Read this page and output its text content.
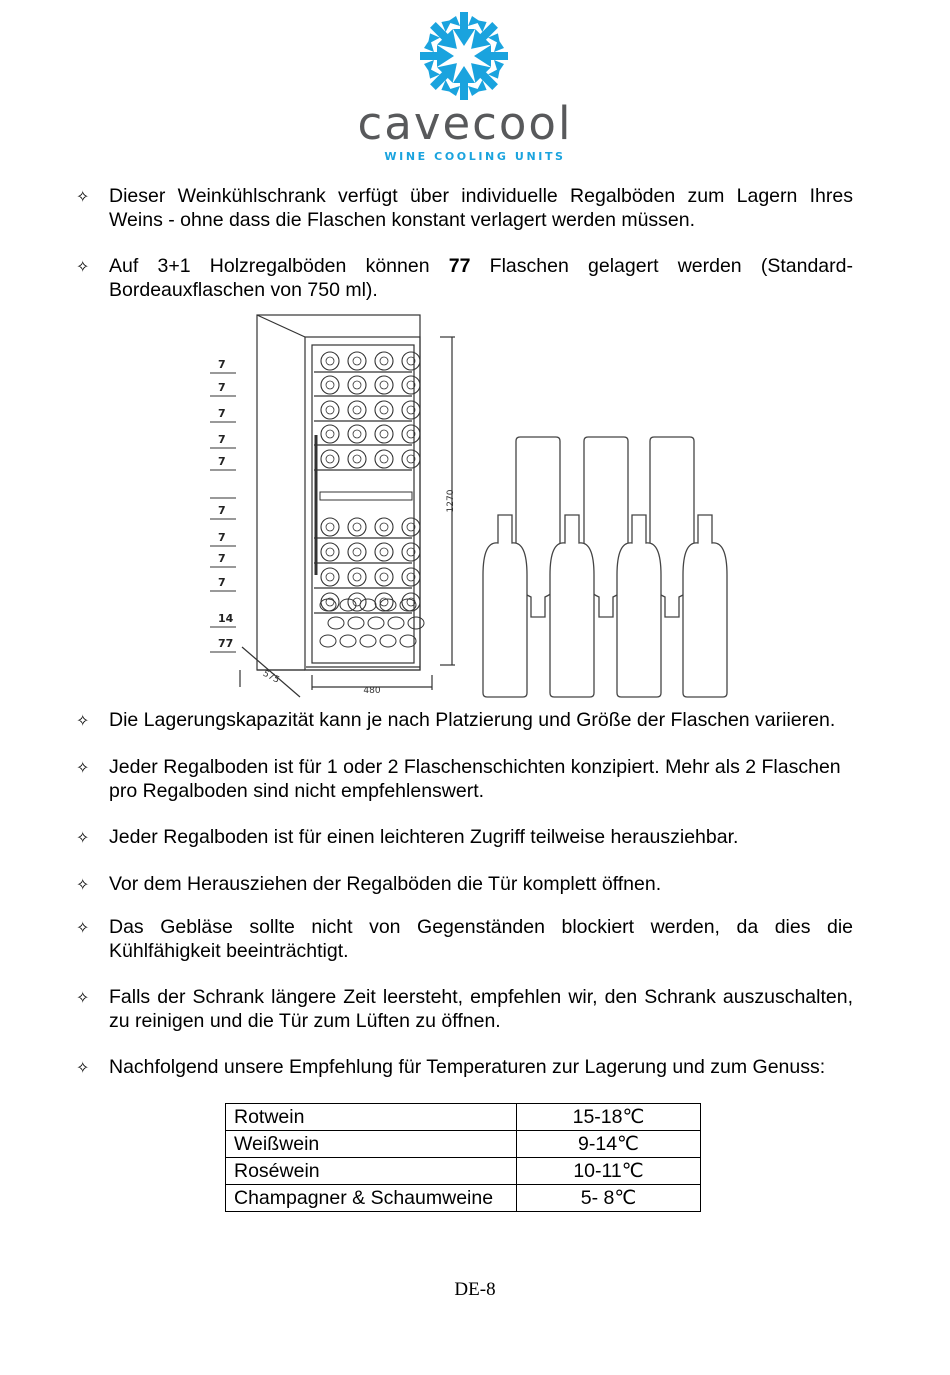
cavecool
WINE COOLING UNITS
✧	Dieser Weinkühlschrank verfügt über individuelle Regalböden zum Lagern Ihres Weins - ohne dass die Flaschen konstant verlagert werden müssen.
✧	Auf 3+1 Holzregalböden können 77 Flaschen gelagert werden (Standard-Bordeauxflaschen von 750 ml).
7
7
7
7
7
7
7
7
7
14
77
1270
480
575
✧	Die Lagerungskapazität kann je nach Platzierung und Größe der Flaschen variieren.
✧	Jeder Regalboden ist für 1 oder 2 Flaschenschichten konzipiert. Mehr als 2 Flaschen pro Regalboden sind nicht empfehlenswert.
✧	Jeder Regalboden ist für einen leichteren Zugriff teilweise herausziehbar.
✧	Vor dem Herausziehen der Regalböden die Tür komplett öffnen.
✧	Das Gebläse sollte nicht von Gegenständen blockiert werden, da dies die Kühlfähigkeit beeinträchtigt.
✧	Falls der Schrank längere Zeit leersteht, empfehlen wir, den Schrank auszuschalten, zu reinigen und die Tür zum Lüften zu öffnen.
✧	Nachfolgend unsere Empfehlung für Temperaturen zur Lagerung und zum Genuss:
Rotwein	15-18℃
Weißwein	9-14℃
Roséwein	10-11℃
Champagner & Schaumweine	5- 8℃
DE-8
